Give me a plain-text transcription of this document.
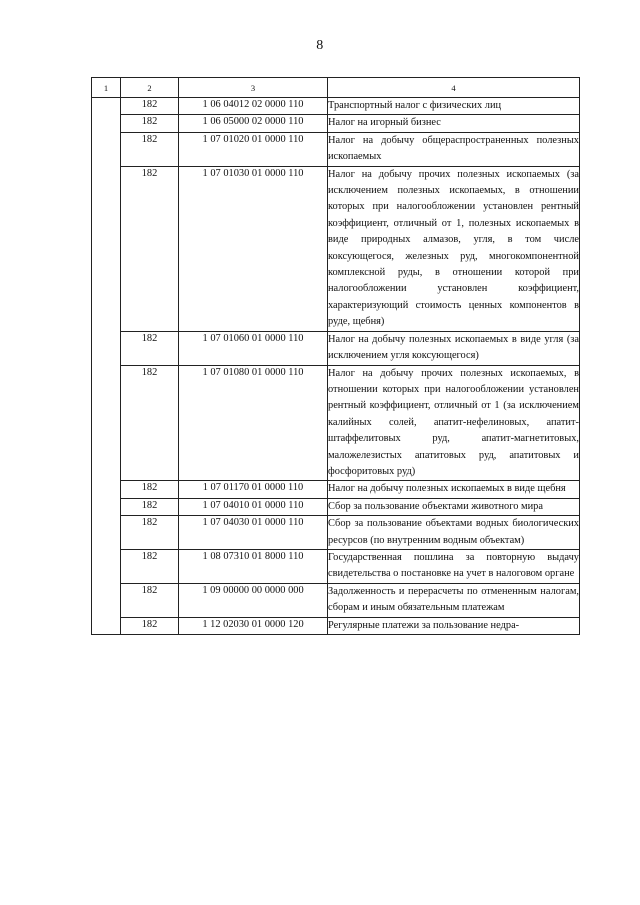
8
1	2	3	4
	182	1 06 04012 02 0000 110	Транспортный налог с физических лиц
	182	1 06 05000 02 0000 110	Налог на игорный бизнес
	182	1 07 01020 01 0000 110	Налог на добычу общераспространенных полезных ископаемых
	182	1 07 01030 01 0000 110	Налог на добычу прочих полезных ископаемых (за исключением полезных ископаемых, в отношении которых при налогообложении установлен рентный коэффициент, отличный от 1, полезных ископаемых в виде природных алмазов, угля, в том числе коксующегося, железных руд, многокомпонентной комплексной руды, в отношении которой при налогообложении установлен коэффициент, характеризующий стоимость ценных компонентов в руде, щебня)
	182	1 07 01060 01 0000 110	Налог на добычу полезных ископаемых в виде угля (за исключением угля коксующегося)
	182	1 07 01080 01 0000 110	Налог на добычу прочих полезных ископаемых, в отношении которых при налогообложении установлен рентный коэффициент, отличный от 1 (за исключением калийных солей, апатит-нефелиновых, апатит-штаффелитовых руд, апатит-магнетитовых, маложелезистых апатитовых руд, апатитовых и фосфоритовых руд)
	182	1 07 01170 01 0000 110	Налог на добычу полезных ископаемых в виде щебня
	182	1 07 04010 01 0000 110	Сбор за пользование объектами животного мира
	182	1 07 04030 01 0000 110	Сбор за пользование объектами водных биологических ресурсов (по внутренним водным объектам)
	182	1 08 07310 01 8000 110	Государственная пошлина за повторную выдачу свидетельства о постановке на учет в налоговом органе
	182	1 09 00000 00 0000 000	Задолженность и перерасчеты по отмененным налогам, сборам и иным обязательным платежам
	182	1 12 02030 01 0000 120	Регулярные платежи за пользование недра-
